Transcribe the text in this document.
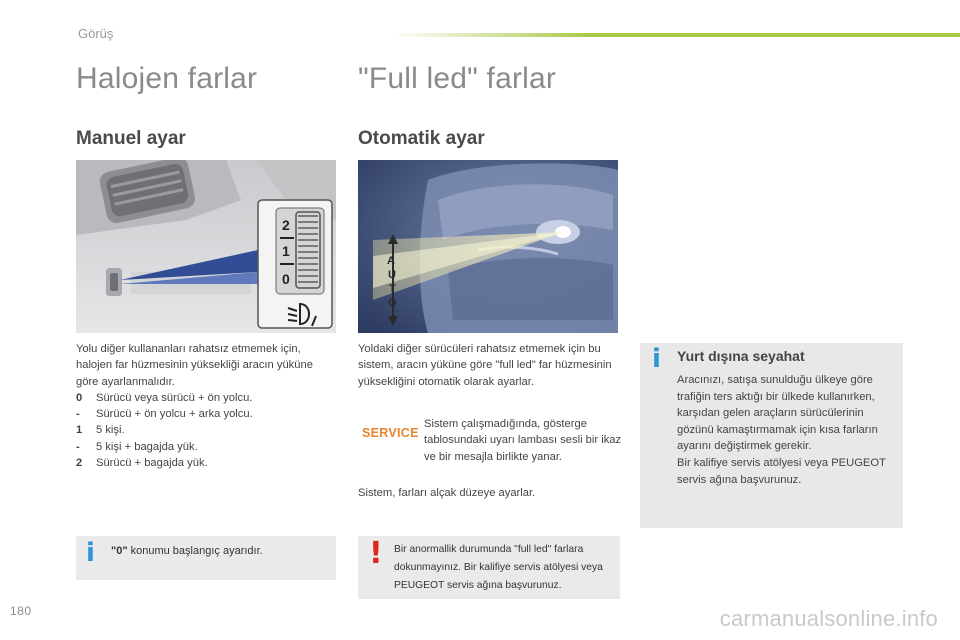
Görüş
Halojen farlar	"Full led" farlar
Manuel ayar	Otomatik ayar
2
1
0
A
U
T
O
Yolu diğer kullananları rahatsız etmemek için, halojen far hüzmesinin yüksekliği aracın yüküne göre ayarlanmalıdır.
0	Sürücü veya sürücü + ön yolcu.
-	Sürücü + ön yolcu + arka yolcu.
1	5 kişi.
-	5 kişi + bagajda yük.
2	Sürücü + bagajda yük.
Yoldaki diğer sürücüleri rahatsız etmemek için bu sistem, aracın yüküne göre "full led" far hüzmesinin yüksekliğini otomatik olarak ayarlar.
SERVICE
Sistem çalışmadığında, gösterge tablosundaki uyarı lambası sesli bir ikaz ve bir mesajla birlikte yanar.
Sistem, farları alçak düzeye ayarlar.
i "0" konumu başlangıç ayarıdır.	! Bir anormallik durumunda "full led" farlara dokunmayınız. Bir kalifiye servis atölyesi veya PEUGEOT servis ağına başvurunuz.
i Yurt dışına seyahat
Aracınızı, satışa sunulduğu ülkeye göre trafiğin ters aktığı bir ülkede kullanırken, karşıdan gelen araçların sürücülerinin gözünü kamaştırmamak için kısa farların ayarını değiştirmek gerekir.
Bir kalifiye servis atölyesi veya PEUGEOT servis ağına başvurunuz.
180	carmanualsonline.info
